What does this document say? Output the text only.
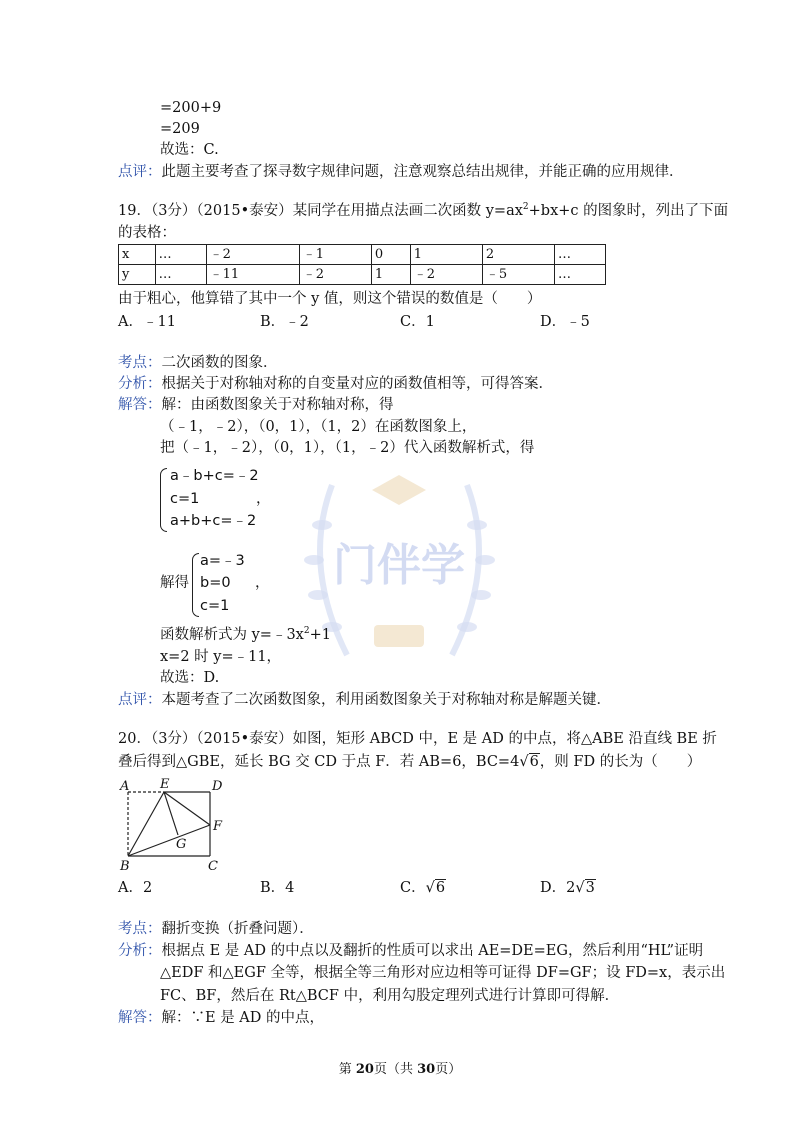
门伴学
=200+9
=209
故选：C.
点评：此题主要考查了探寻数字规律问题，注意观察总结出规律，并能正确的应用规律．
19．（3分）（2015•泰安）某同学在用描点法画二次函数 $y=ax^2+bx+c$ 的图象时，列出了下面
的表格：
x	…	﹣2	﹣1	0	1	2	…
y	…	﹣11	﹣2	1	﹣2	﹣5	…
由于粗心，他算错了其中一个 y 值，则这个错误的数值是（　　）
A．﹣11	B．﹣2	C．1	D．﹣5
考点：二次函数的图象．
分析：根据关于对称轴对称的自变量对应的函数值相等，可得答案．
解答：解：由函数图象关于对称轴对称，得
（﹣1，﹣2），（0，1），（1，2）在函数图象上，
把（﹣1，﹣2），（0，1），（1，﹣2）代入函数解析式，得
a﹣b+c=﹣2
c=1
a+b+c=﹣2
，
解得
a=﹣3
b=0
c=1
，
函数解析式为 $y=﹣3x^2+1$
x=2 时 y=﹣11，
故选：D.
点评：本题考查了二次函数图象，利用函数图象关于对称轴对称是解题关键．
20．（3分）（2015•泰安）如图，矩形 ABCD 中，E 是 AD 的中点，将△ABE 沿直线 BE 折
叠后得到△GBE，延长 BG 交 CD 于点 F．若 AB=6，BC=4√6，则 FD 的长为（　　）
A E	D
F
G
B	C
A．2	B．4	C．√6	D．2√3
考点：翻折变换（折叠问题）．
分析：根据点 E 是 AD 的中点以及翻折的性质可以求出 AE=DE=EG，然后利用“HL”证明
△EDF 和△EGF 全等，根据全等三角形对应边相等可证得 DF=GF；设 FD=x，表示出
FC、BF，然后在 Rt△BCF 中，利用勾股定理列式进行计算即可得解．
解答：解：∵E 是 AD 的中点，
第 20页（共 30页）
